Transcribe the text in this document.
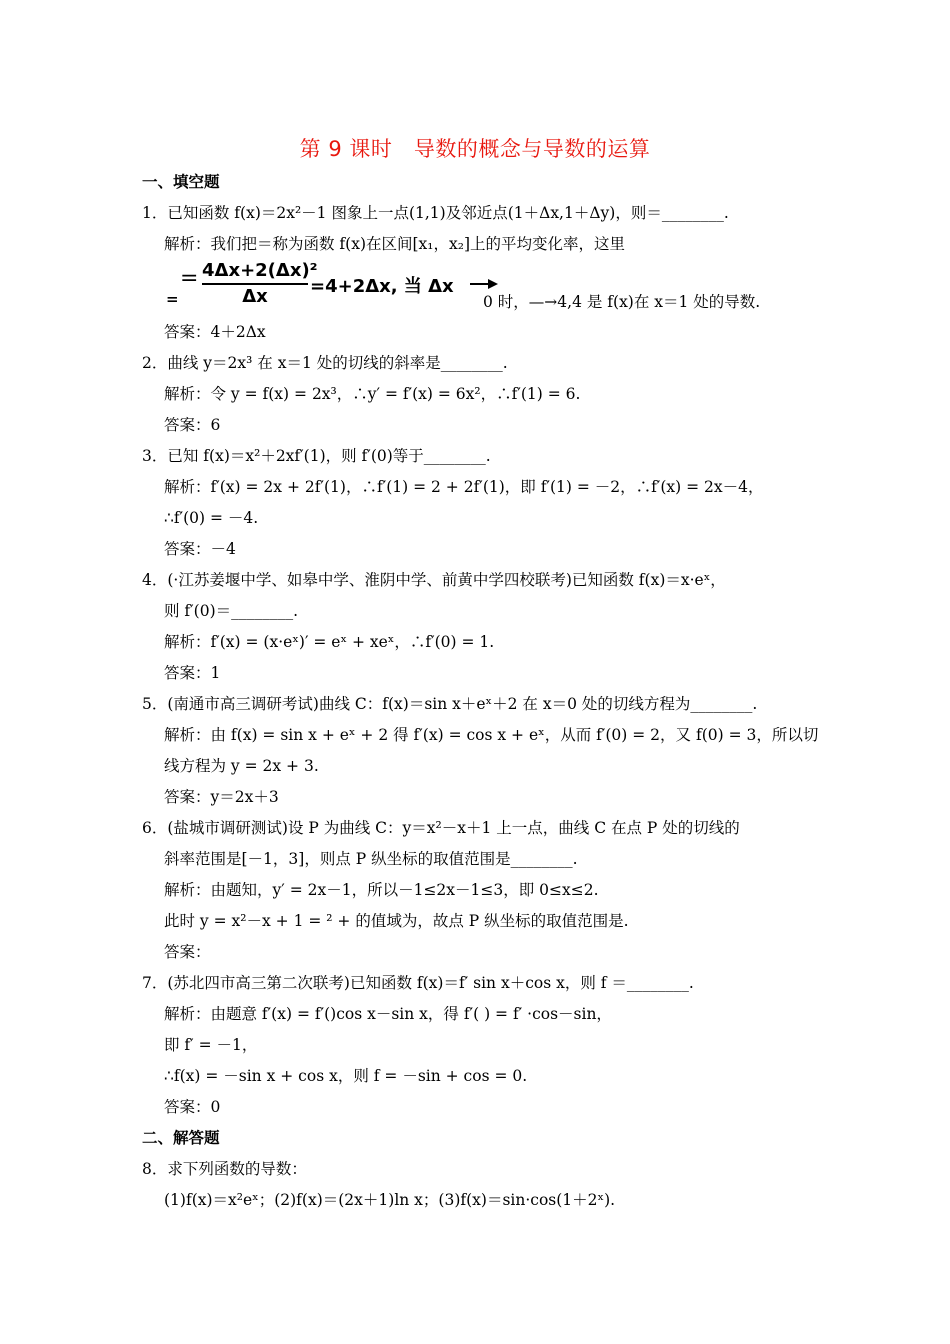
第 9 课时　导数的概念与导数的运算
一、填空题
1．已知函数 f(x)＝2x²－1 图象上一点(1,1)及邻近点(1＋Δx,1＋Δy)，则＝________.
解析：我们把＝称为函数 f(x)在区间[x₁，x₂]上的平均变化率，这里
=
= 4Δx+2(Δx)²
Δx	=4+2Δx, 当 Δx
0 时，—→4,4 是 f(x)在 x＝1 处的导数.
答案：4＋2Δx
2．曲线 y＝2x³ 在 x＝1 处的切线的斜率是________.
解析：令 y = f(x) = 2x³，∴y′ = f′(x) = 6x²，∴f′(1) = 6.
答案：6
3．已知 f(x)＝x²＋2xf′(1)，则 f′(0)等于________.
解析：f′(x) = 2x + 2f′(1)，∴f′(1) = 2 + 2f′(1)，即 f′(1) = －2，∴f′(x) = 2x－4，
∴f′(0) = －4.
答案：－4
4．(·江苏姜堰中学、如皋中学、淮阴中学、前黄中学四校联考)已知函数 f(x)＝x·eˣ，
则 f′(0)＝________.
解析：f′(x) = (x·eˣ)′ = eˣ + xeˣ，∴f′(0) = 1.
答案：1
5．(南通市高三调研考试)曲线 C：f(x)＝sin x＋eˣ＋2 在 x＝0 处的切线方程为________.
解析：由 f(x) = sin x + eˣ + 2 得 f′(x) = cos x + eˣ，从而 f′(0) = 2，又 f(0) = 3，所以切
线方程为 y = 2x + 3.
答案：y＝2x＋3
6．(盐城市调研测试)设 P 为曲线 C：y＝x²－x＋1 上一点，曲线 C 在点 P 处的切线的
斜率范围是[－1，3]，则点 P 纵坐标的取值范围是________.
解析：由题知，y′ = 2x－1，所以－1≤2x－1≤3，即 0≤x≤2.
此时 y = x²－x + 1 = ² + 的值域为，故点 P 纵坐标的取值范围是.
答案：
7．(苏北四市高三第二次联考)已知函数 f(x)＝f′ sin x＋cos x，则 f ＝________.
解析：由题意 f′(x) = f′()cos x－sin x，得 f′( ) = f′ ·cos－sin，
即 f′ = －1，
∴f(x) = －sin x + cos x，则 f = －sin + cos = 0.
答案：0
二、解答题
8．求下列函数的导数：
(1)f(x)＝x²eˣ；(2)f(x)＝(2x＋1)ln x；(3)f(x)＝sin·cos(1＋2ˣ).
